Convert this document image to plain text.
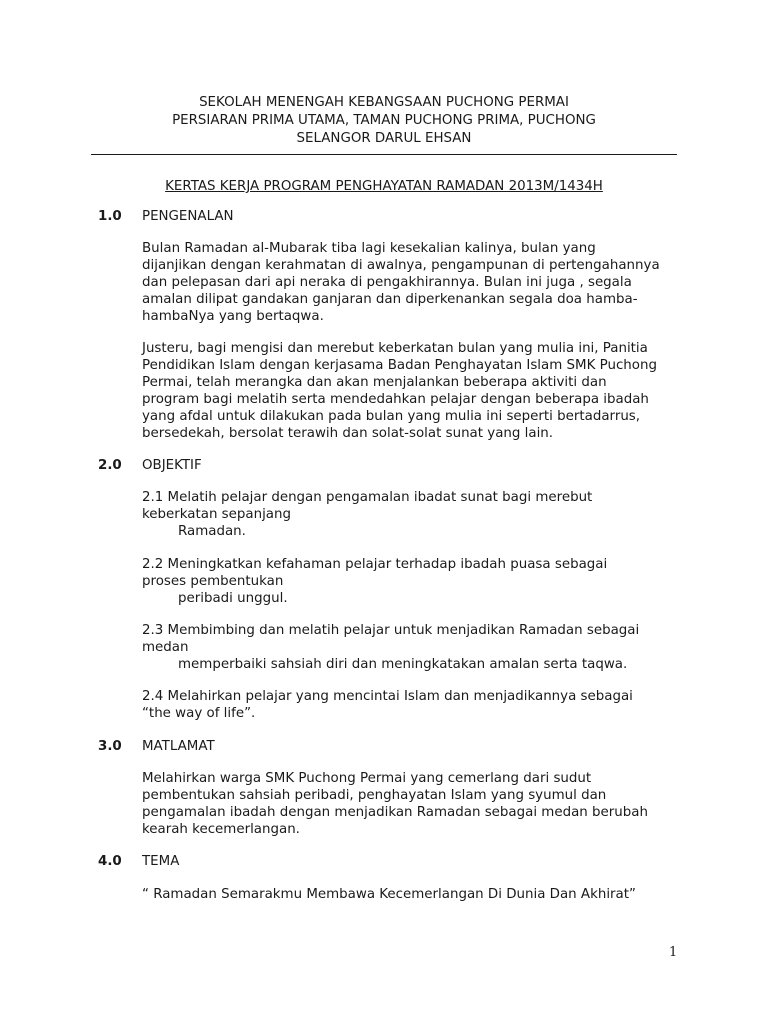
SEKOLAH MENENGAH KEBANGSAAN PUCHONG PERMAI
PERSIARAN PRIMA UTAMA, TAMAN PUCHONG PRIMA, PUCHONG
SELANGOR DARUL EHSAN
KERTAS KERJA PROGRAM PENGHAYATAN RAMADAN 2013M/1434H
1.0 PENGENALAN
Bulan Ramadan al-Mubarak tiba lagi kesekalian kalinya, bulan yang
dijanjikan dengan kerahmatan di awalnya, pengampunan di pertengahannya
dan pelepasan dari api neraka di pengakhirannya. Bulan ini juga , segala
amalan dilipat gandakan ganjaran dan diperkenankan segala doa hamba-
hambaNya yang bertaqwa.
Justeru, bagi mengisi dan merebut keberkatan bulan yang mulia ini, Panitia
Pendidikan Islam dengan kerjasama Badan Penghayatan Islam SMK Puchong
Permai, telah merangka dan akan menjalankan beberapa aktiviti dan
program bagi melatih serta mendedahkan pelajar dengan beberapa ibadah
yang afdal untuk dilakukan pada bulan yang mulia ini seperti bertadarrus,
bersedekah, bersolat terawih dan solat-solat sunat yang lain.
2.0 OBJEKTIF
2.1 Melatih pelajar dengan pengamalan ibadat sunat bagi merebut
keberkatan sepanjang
Ramadan.
2.2 Meningkatkan kefahaman pelajar terhadap ibadah puasa sebagai
proses pembentukan
peribadi unggul.
2.3 Membimbing dan melatih pelajar untuk menjadikan Ramadan sebagai
medan
memperbaiki sahsiah diri dan meningkatakan amalan serta taqwa.
2.4 Melahirkan pelajar yang mencintai Islam dan menjadikannya sebagai
“the way of life”.
3.0 MATLAMAT
Melahirkan warga SMK Puchong Permai yang cemerlang dari sudut
pembentukan sahsiah peribadi, penghayatan Islam yang syumul dan
pengamalan ibadah dengan menjadikan Ramadan sebagai medan berubah
kearah kecemerlangan.
4.0 TEMA
“ Ramadan Semarakmu Membawa Kecemerlangan Di Dunia Dan Akhirat”
1
